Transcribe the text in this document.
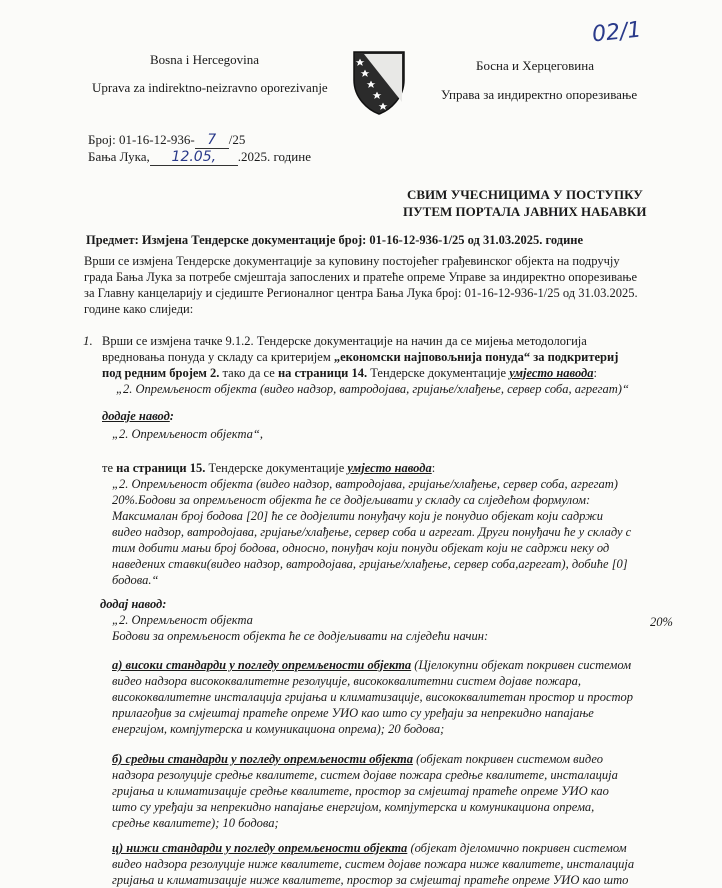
02/1
Bosna i Hercegovina
Uprava za indirektno-neizravno oporezivanje
Босна и Херцеговина
Управа за индиректно опорезивање
Број: 01-16-12-936- 7 /25
Бања Лука, 12.05, .2025. године
СВИМ УЧЕСНИЦИМА У ПОСТУПКУ
ПУТЕМ ПОРТАЛА ЈАВНИХ НАБАВКИ
Предмет: Измјена Тендерске документације број: 01-16-12-936-1/25 од 31.03.2025. године
Врши се измјена Тендерске документације за куповину постојећег грађевинског објекта на подручју
града Бања Лука за потребе смјештаја запослених и пратеће опреме Управе за индиректно опорезивање
за Главну канцеларију и сједиште Регионалног центра Бања Лука број: 01-16-12-936-1/25 од 31.03.2025.
године како слиједи:
1. Врши се измјена тачке 9.1.2. Тендерске документације на начин да се мијења методологија
вредновања понуда у складу са критеријем „економски најповољнија понуда“ за подкритериј
под редним бројем 2. тако да се на страници 14. Тендерске документације умјесто навода:
„2. Опремљеност објекта (видео надзор, ватродојава, гријање/хлађење, сервер соба, агрегат)“
додаје навод:
„2. Опремљеност објекта“,
те на страници 15. Тендерске документације умјесто навода:
„2. Опремљеност објекта (видео надзор, ватродојава, гријање/хлађење, сервер соба, агрегат)
20%.Бодови за опремљеност објекта ће се додјељивати у складу са слједећом формулом:
Максималан број бодова [20] ће се додјелити понуђачу који је понудио објекат који садржи
видео надзор, ватродојава, гријање/хлађење, сервер соба и агрегат. Други понуђачи ће у складу с
тим добити мањи број бодова, односно, понуђач који понуди објекат који не садржи неку од
наведених ставки(видео надзор, ватродојава, гријање/хлађење, сервер соба,агрегат), добиће [0]
бодова.“
додај навод:
„2. Опремљеност објекта	20%
Бодови за опремљеност објекта ће се додјељивати на слједећи начин:
а) високи стандарди у погледу опремљености објекта (Цјелокупни објекат покривен системом
видео надзора висококвалитетне резолуције, висококвалитетни систем дојаве пожара,
висококвалитетне инсталација гријања и климатизације, висококвалитетан простор и простор
прилагођив за смјештај пратеће опреме УИО као што су уређаји за непрекидно напајање
енергијом, компјутерска и комуникациона опрема); 20 бодова;
б) средњи стандарди у погледу опремљености објекта (објекат покривен системом видео
надзора резолуције средње квалитете, систем дојаве пожара средње квалитете, инсталација
гријања и климатизације средње квалитете, простор за смјештај пратеће опреме УИО као
што су уређаји за непрекидно напајање енергијом, компјутерска и комуникациона опрема,
средње квалитете); 10 бодова;
ц) нижи стандарди у погледу опремљености објекта (објекат дјеломично покривен системом
видео надзора резолуције ниже квалитете, систем дојаве пожара ниже квалитете, инсталација
гријања и климатизације ниже квалитете, простор за смјештај пратеће опреме УИО као што
